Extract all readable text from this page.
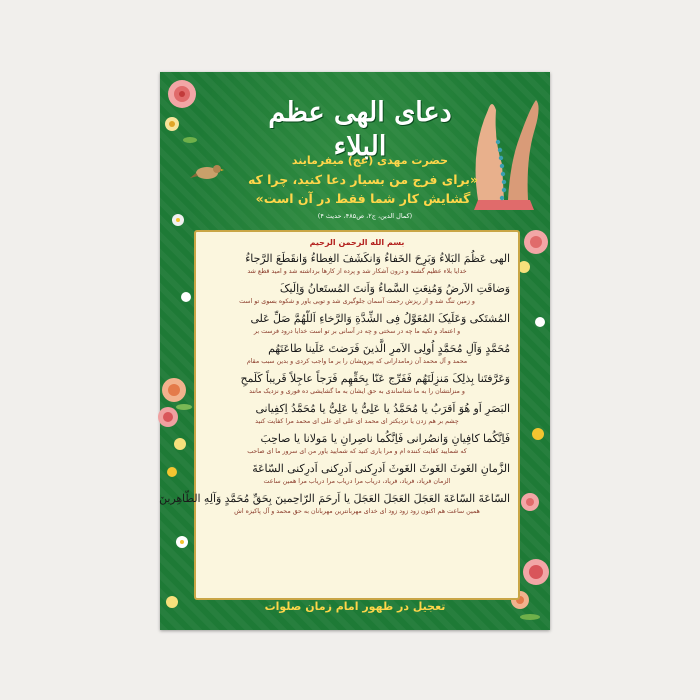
دعای الهی عظم البلاء
حضرت مهدی (عج) میفرمایند
«برای فرج من بسیار دعا کنید، چرا که گشایش کار شما فقط در آن است»
(کمال الدین، ج۲، ص۴۸۵، حدیث ۴)
بسم الله الرحمن الرحیم
الهی عَظُمَ البَلاءُ وَبَرِحَ الخَفاءُ وَانکَشَفَ الغِطاءُ وَانقَطَعَ الرَّجاءُ
خدایا بلاء عظیم گشته و درون آشکار شد و پرده از کارها برداشته شد و امید قطع شد
وَضاقَتِ الاَرضُ وَمُنِعَتِ السَّماءُ وَاَنتَ المُستَعانُ وَاِلَیکَ
و زمین تنگ شد و از ریزش رحمت آسمان جلوگیری شد و تویی یاور و شکوه بسوی تو است
المُشتَکی وَعَلَیکَ المُعَوَّلُ فِی الشِّدَّةِ وَالرَّخاءِ اَللّهُمَّ صَلِّ عَلی
و اعتماد و تکیه ما چه در سختی و چه در آسانی بر تو است خدایا درود فرست بر
مُحَمَّدٍ وَآلِ مُحَمَّدٍ اُولِی الاَمرِ الَّذینَ فَرَضتَ عَلَینا طاعَتَهُم
محمد و آل محمد آن زمامدارانی که پیرویشان را بر ما واجب کردی و بدین سبب مقام
وَعَرَّفتَنا بِذلِکَ مَنزِلَتَهُم فَفَرِّج عَنّا بِحَقِّهِم فَرَجاً عاجِلاً قَریباً کَلَمحِ
و منزلتشان را به ما شناساندی به حق ایشان به ما گشایشی ده فوری و نزدیک مانند
البَصَرِ اَو هُوَ اَقرَبُ یا مُحَمَّدُ یا عَلِیُّ یا عَلِیُّ یا مُحَمَّدُ اِکفِیانی
چشم بر هم زدن یا نزدیکتر ای محمد ای علی ای علی ای محمد مرا کفایت کنید
فَاِنَّکُما کافِیانِ وَانصُرانی فَاِنَّکُما ناصِرانِ یا مَولانا یا صاحِبَ
که شمایید کفایت کننده ام و مرا یاری کنید که شمایید یاور من ای سرور ما ای صاحب
الزَّمانِ الغَوثَ الغَوثَ الغَوثَ اَدرِکنی اَدرِکنی اَدرِکنی السّاعَةَ
الزمان فریاد، فریاد، فریاد، دریاب مرا دریاب مرا دریاب مرا همین ساعت
السّاعَةَ السّاعَةَ العَجَلَ العَجَلَ العَجَلَ یا اَرحَمَ الرّاحِمینَ بِحَقِّ مُحَمَّدٍ وَآلِهِ الطّاهِرینَ
همین ساعت هم اکنون زود زود زود ای خدای مهربانترین مهربانان به حق محمد و آل پاکیزه اش
تعجیل در ظهور امام زمان صلوات
